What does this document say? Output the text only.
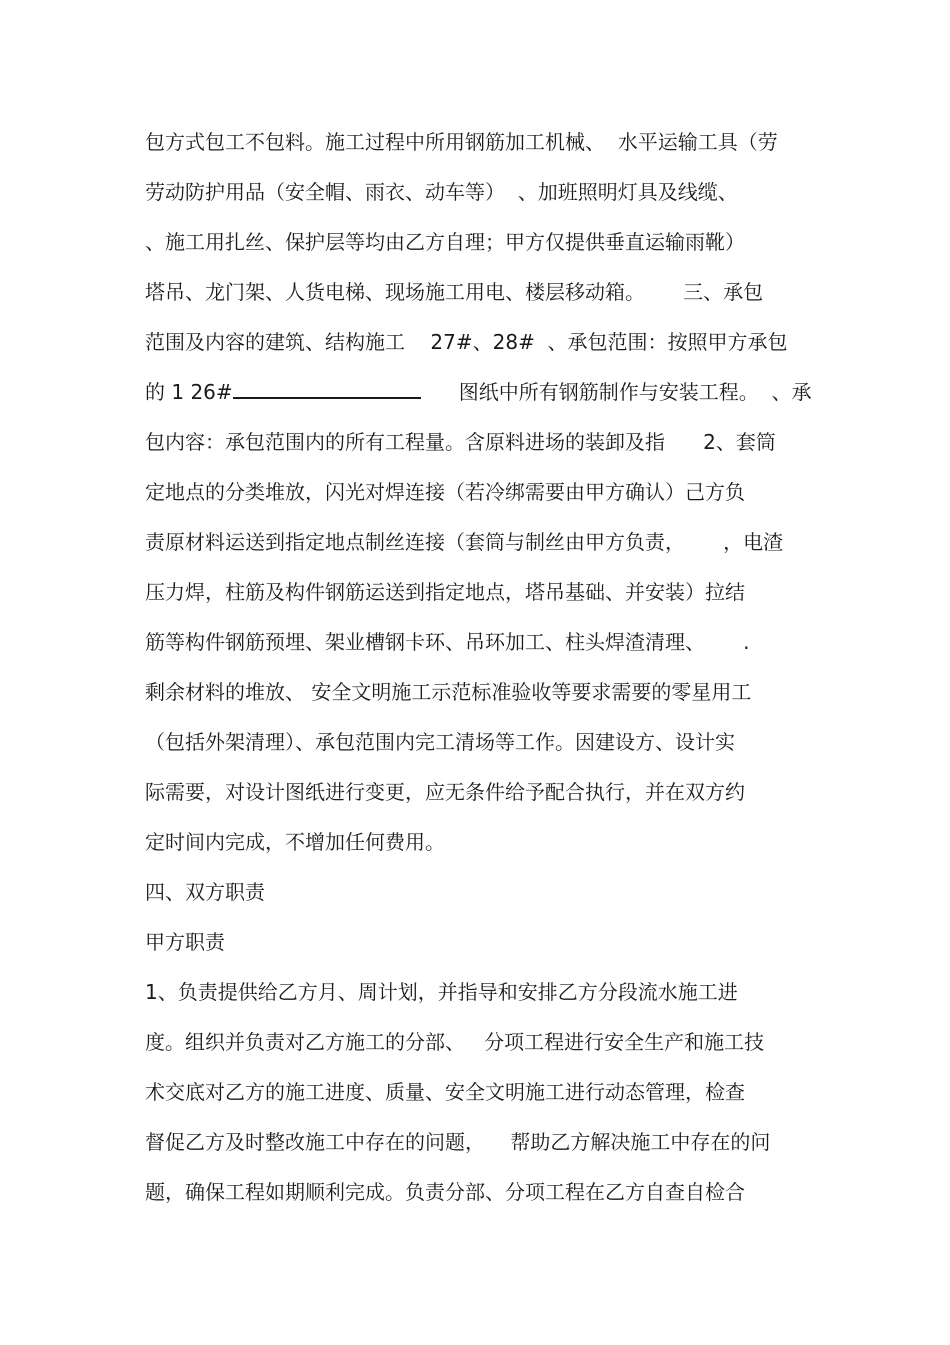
包方式包工不包料。施工过程中所用钢筋加工机械、  水平运输工具（劳
劳动防护用品（安全帽、雨衣、动车等）  、加班照明灯具及线缆、
、施工用扎丝、保护层等均由乙方自理；甲方仅提供垂直运输雨靴）
塔吊、龙门架、人货电梯、现场施工用电、楼层移动箱。      三、承包
范围及内容的建筑、结构施工    27#、28#  、承包范围：按照甲方承包
的 1 26#	图纸中所有钢筋制作与安装工程。  、承
包内容：承包范围内的所有工程量。含原料进场的装卸及指      2、套筒
定地点的分类堆放，闪光对焊连接（若冷绑需要由甲方确认）己方负
责原材料运送到指定地点制丝连接（套筒与制丝由甲方负责，      ，电渣
压力焊，柱筋及构件钢筋运送到指定地点，塔吊基础、并安装）拉结
筋等构件钢筋预埋、架业槽钢卡环、吊环加工、柱头焊渣清理、      .
剩余材料的堆放、 安全文明施工示范标准验收等要求需要的零星用工
（包括外架清理）、承包范围内完工清场等工作。因建设方、设计实
际需要，对设计图纸进行变更，应无条件给予配合执行，并在双方约
定时间内完成，不增加任何费用。
四、双方职责
甲方职责
1、负责提供给乙方月、周计划，并指导和安排乙方分段流水施工进
度。组织并负责对乙方施工的分部、   分项工程进行安全生产和施工技
术交底对乙方的施工进度、质量、安全文明施工进行动态管理，检查
督促乙方及时整改施工中存在的问题，    帮助乙方解决施工中存在的问
题，确保工程如期顺利完成。负责分部、分项工程在乙方自查自检合
